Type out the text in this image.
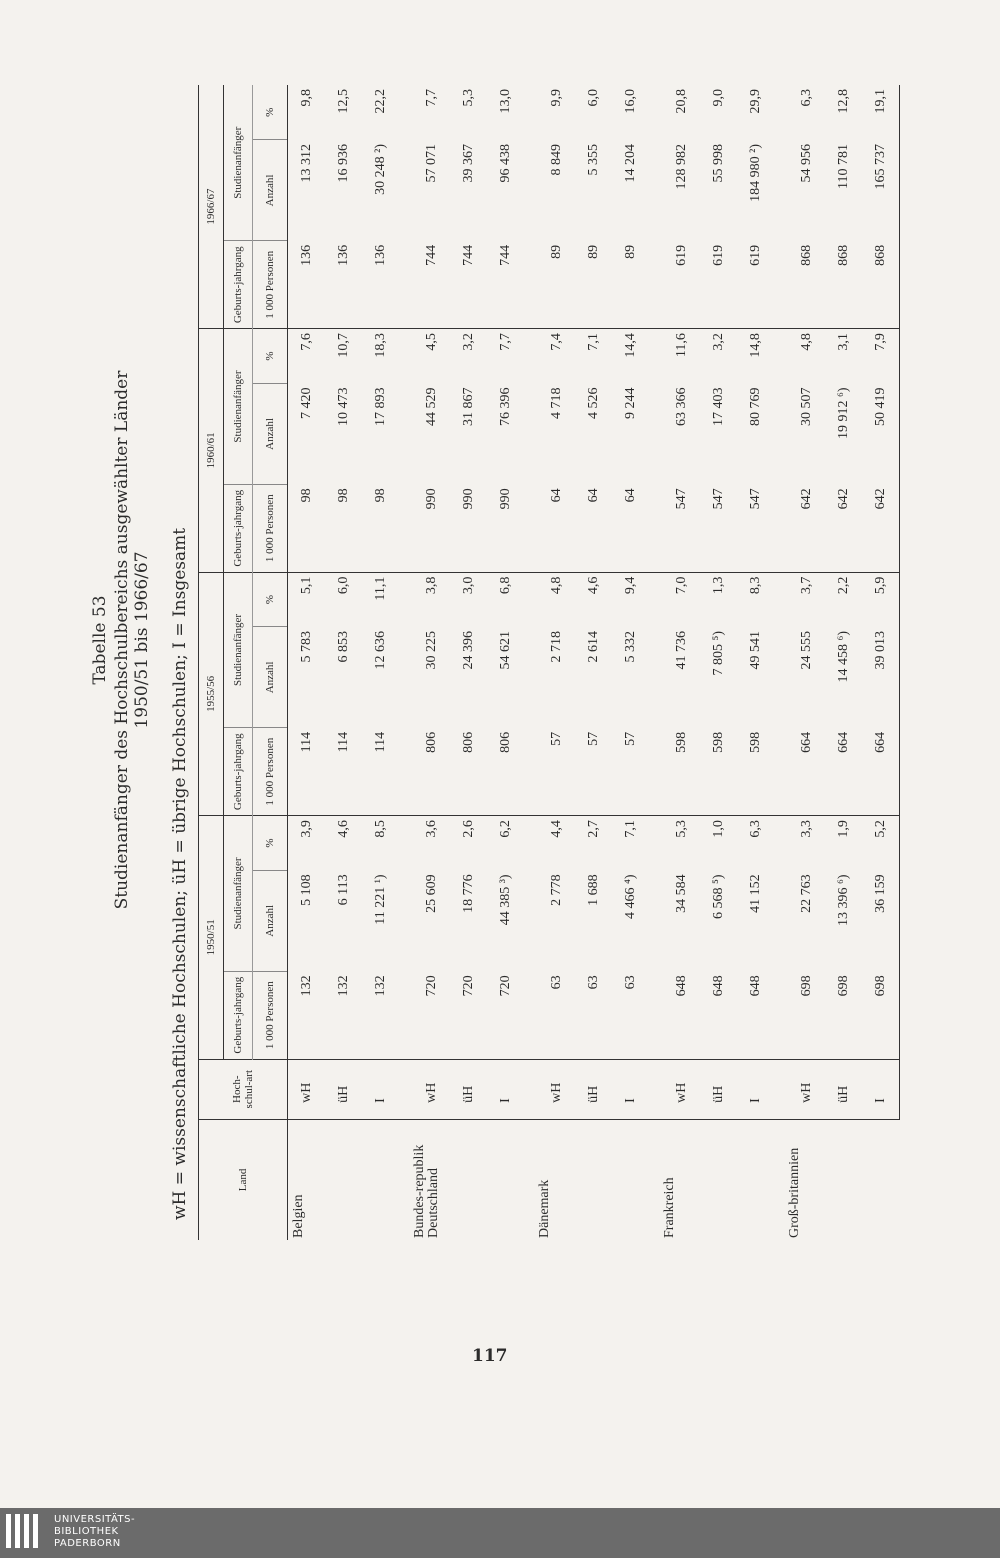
Tabelle 53 Studienanfänger des Hochschulbereichs ausgewählter Länder 1950/51 bis 1966/67 wH = wissenschaftliche Hochschulen; üH = übrige Hochschulen; I = Insgesamt	Land	Hoch-schul-art	1950/51			1955/56			1960/61			1966/67		
		Geburts-jahrgang	Studienanfänger		Geburts-jahrgang	Studienanfänger		Geburts-jahrgang	Studienanfänger		Geburts-jahrgang	Studienanfänger	
		1 000 Personen	Anzahl	%	1 000 Personen	Anzahl	%	1 000 Personen	Anzahl	%	1 000 Personen	Anzahl	%
Belgien	wH	132	5 108	3,9	114	5 783	5,1	98	7 420	7,6	136	13 312	9,8
	üH	132	6 113	4,6	114	6 853	6,0	98	10 473	10,7	136	16 936	12,5
	I	132	11 221 ¹)	8,5	114	12 636	11,1	98	17 893	18,3	136	30 248 ²)	22,2
Bundes-republik Deutschland	wH	720	25 609	3,6	806	30 225	3,8	990	44 529	4,5	744	57 071	7,7
	üH	720	18 776	2,6	806	24 396	3,0	990	31 867	3,2	744	39 367	5,3
	I	720	44 385 ³)	6,2	806	54 621	6,8	990	76 396	7,7	744	96 438	13,0
Dänemark	wH	63	2 778	4,4	57	2 718	4,8	64	4 718	7,4	89	8 849	9,9
	üH	63	1 688	2,7	57	2 614	4,6	64	4 526	7,1	89	5 355	6,0
	I	63	4 466 ⁴)	7,1	57	5 332	9,4	64	9 244	14,4	89	14 204	16,0
Frankreich	wH	648	34 584	5,3	598	41 736	7,0	547	63 366	11,6	619	128 982	20,8
	üH	648	6 568 ⁵)	1,0	598	7 805 ⁵)	1,3	547	17 403	3,2	619	55 998	9,0
	I	648	41 152	6,3	598	49 541	8,3	547	80 769	14,8	619	184 980 ²)	29,9
Groß-britannien	wH	698	22 763	3,3	664	24 555	3,7	642	30 507	4,8	868	54 956	6,3
	üH	698	13 396 ⁶)	1,9	664	14 458 ⁶)	2,2	642	19 912 ⁶)	3,1	868	110 781	12,8
	I	698	36 159	5,2	664	39 013	5,9	642	50 419	7,9	868	165 737	19,1
117
UNIVERSITÄTS-
BIBLIOTHEK
PADERBORN
